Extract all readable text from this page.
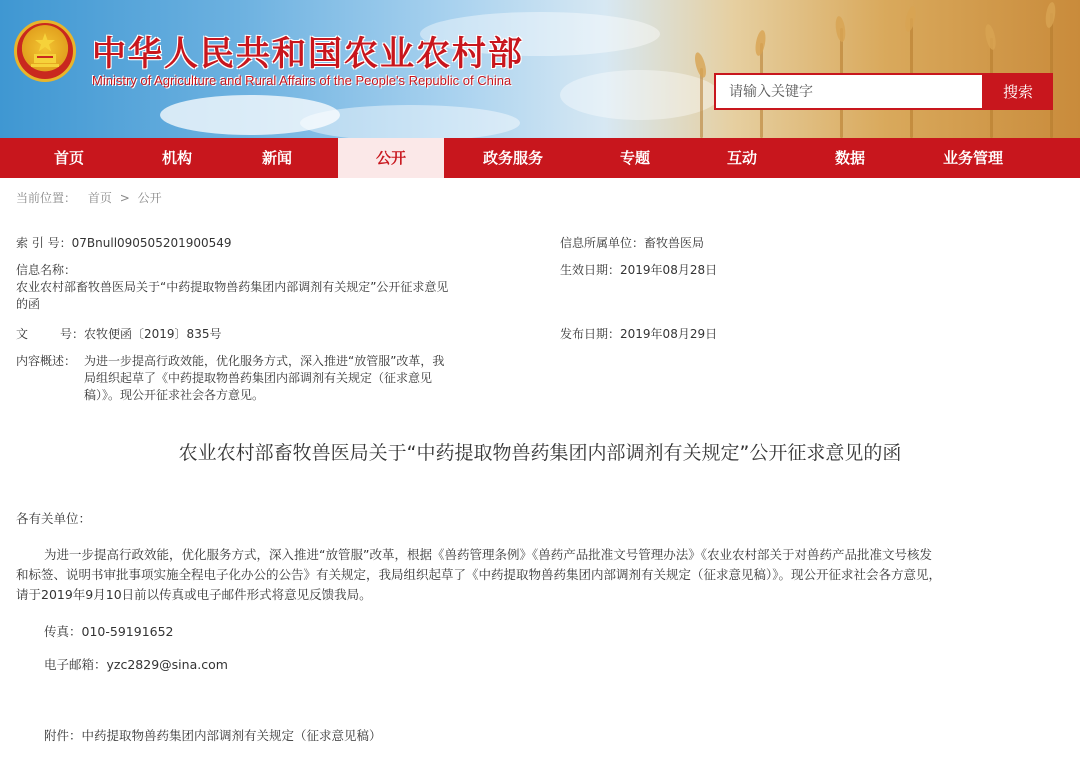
中华人民共和国农业农村部
Ministry of Agriculture and Rural Affairs of the People's Republic of China
请输入关键字
搜索
首页	机构	新闻	公开	政务服务	专题	互动	数据	业务管理
当前位置： 首页 > 公开
索 引 号：07Bnull090505201900549	信息所属单位：畜牧兽医局
信息名称：
农业农村部畜牧兽医局关于“中药提取物兽药集团内部调剂有关规定”公开征求意见
的函
生效日期：2019年08月28日
文	号：农牧便函〔2019〕835号	发布日期：2019年08月29日
内容概述： 为进一步提高行政效能，优化服务方式，深入推进“放管服”改革，我
局组织起草了《中药提取物兽药集团内部调剂有关规定（征求意见
稿）》。现公开征求社会各方意见。
农业农村部畜牧兽医局关于“中药提取物兽药集团内部调剂有关规定”公开征求意见的函
各有关单位：
为进一步提高行政效能，优化服务方式，深入推进“放管服”改革，根据《兽药管理条例》《兽药产品批准文号管理办法》《农业农村部关于对兽药产品批准文号核发
和标签、说明书审批事项实施全程电子化办公的公告》有关规定，我局组织起草了《中药提取物兽药集团内部调剂有关规定（征求意见稿）》。现公开征求社会各方意见，
请于2019年9月10日前以传真或电子邮件形式将意见反馈我局。
传真：010-59191652
电子邮箱：yzc2829@sina.com
附件：中药提取物兽药集团内部调剂有关规定（征求意见稿）
